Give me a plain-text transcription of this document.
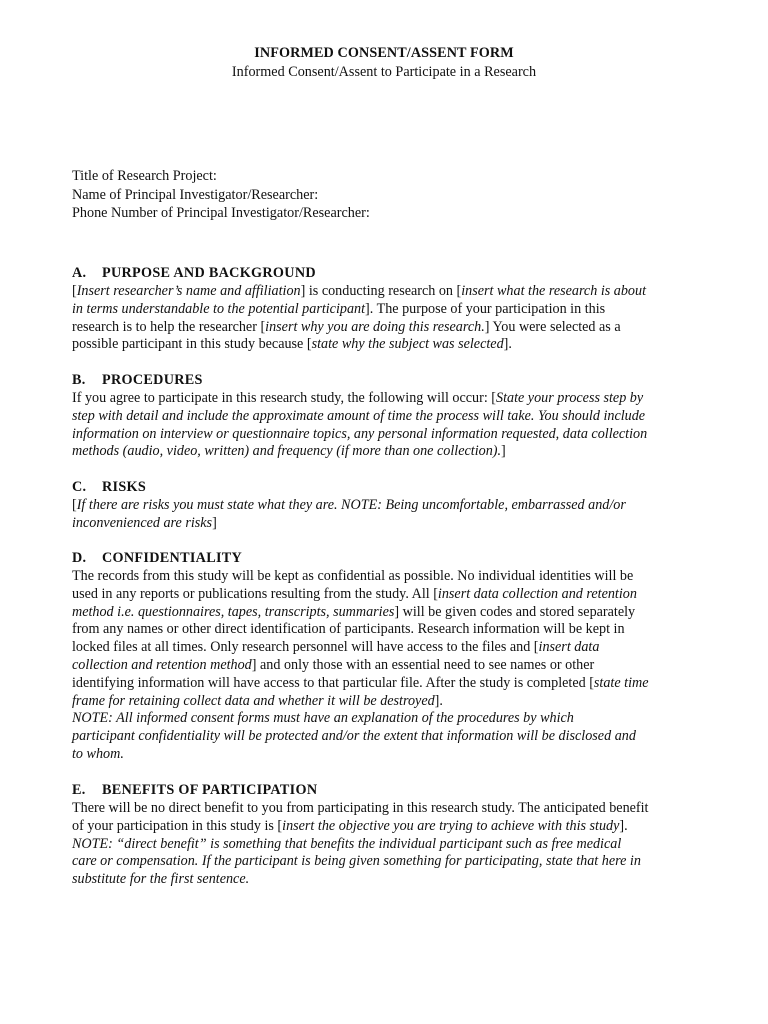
INFORMED CONSENT/ASSENT FORM
Informed Consent/Assent to Participate in a Research
Title of Research Project:
Name of Principal Investigator/Researcher:
Phone Number of Principal Investigator/Researcher:
A. PURPOSE AND BACKGROUND
[Insert researcher’s name and affiliation] is conducting research on [insert what the research is about
in terms understandable to the potential participant]. The purpose of your participation in this
research is to help the researcher [insert why you are doing this research.] You were selected as a
possible participant in this study because [state why the subject was selected].
B. PROCEDURES
If you agree to participate in this research study, the following will occur: [State your process step by
step with detail and include the approximate amount of time the process will take. You should include
information on interview or questionnaire topics, any personal information requested, data collection
methods (audio, video, written) and frequency (if more than one collection).]
C. RISKS
[If there are risks you must state what they are. NOTE: Being uncomfortable, embarrassed and/or
inconvenienced are risks]
D. CONFIDENTIALITY
The records from this study will be kept as confidential as possible. No individual identities will be
used in any reports or publications resulting from the study. All [insert data collection and retention
method i.e. questionnaires, tapes, transcripts, summaries] will be given codes and stored separately
from any names or other direct identification of participants. Research information will be kept in
locked files at all times. Only research personnel will have access to the files and [insert data
collection and retention method] and only those with an essential need to see names or other
identifying information will have access to that particular file. After the study is completed [state time
frame for retaining collect data and whether it will be destroyed].
NOTE: All informed consent forms must have an explanation of the procedures by which
participant confidentiality will be protected and/or the extent that information will be disclosed and
to whom.
E. BENEFITS OF PARTICIPATION
There will be no direct benefit to you from participating in this research study. The anticipated benefit
of your participation in this study is [insert the objective you are trying to achieve with this study].
NOTE: “direct benefit” is something that benefits the individual participant such as free medical
care or compensation. If the participant is being given something for participating, state that here in
substitute for the first sentence.
